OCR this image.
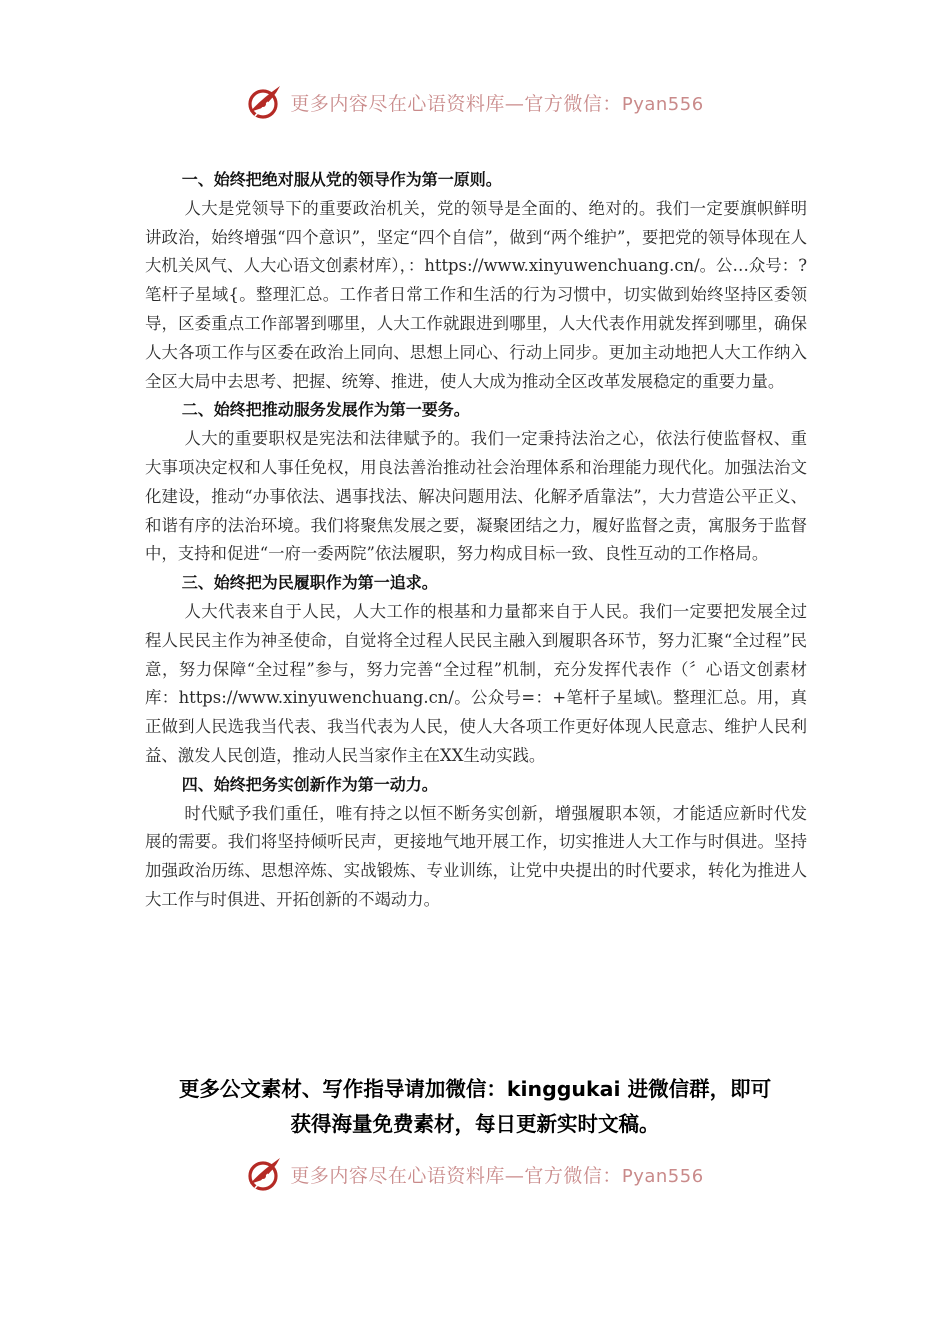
更多内容尽在心语资料库—官方微信：Pyan556

一、始终把绝对服从党的领导作为第一原则。

人大是党领导下的重要政治机关，党的领导是全面的、绝对的。我们一定要旗帜鲜明讲政治，始终增强“四个意识”，坚定“四个自信”，做到“两个维护”，要把党的领导体现在人大机关风气、人大心语文创素材库），：https://www.xinyuwenchuang.cn/。公…众号：?笔杆子星域{。整理汇总。工作者日常工作和生活的行为习惯中，切实做到始终坚持区委领导，区委重点工作部署到哪里，人大工作就跟进到哪里，人大代表作用就发挥到哪里，确保人大各项工作与区委在政治上同向、思想上同心、行动上同步。更加主动地把人大工作纳入全区大局中去思考、把握、统筹、推进，使人大成为推动全区改革发展稳定的重要力量。

二、始终把推动服务发展作为第一要务。

人大的重要职权是宪法和法律赋予的。我们一定秉持法治之心，依法行使监督权、重大事项决定权和人事任免权，用良法善治推动社会治理体系和治理能力现代化。加强法治文化建设，推动“办事依法、遇事找法、解决问题用法、化解矛盾靠法”，大力营造公平正义、和谐有序的法治环境。我们将聚焦发展之要，凝聚团结之力，履好监督之责，寓服务于监督中，支持和促进“一府一委两院”依法履职，努力构成目标一致、良性互动的工作格局。

三、始终把为民履职作为第一追求。

人大代表来自于人民，人大工作的根基和力量都来自于人民。我们一定要把发展全过程人民民主作为神圣使命，自觉将全过程人民民主融入到履职各环节，努力汇聚“全过程”民意，努力保障“全过程”参与，努力完善“全过程”机制，充分发挥代表作（〞心语文创素材库：https://www.xinyuwenchuang.cn/。公众号=：+笔杆子星域\。整理汇总。用，真正做到人民选我当代表、我当代表为人民，使人大各项工作更好体现人民意志、维护人民利益、激发人民创造，推动人民当家作主在XX生动实践。

四、始终把务实创新作为第一动力。

时代赋予我们重任，唯有持之以恒不断务实创新，增强履职本领，才能适应新时代发展的需要。我们将坚持倾听民声，更接地气地开展工作，切实推进人大工作与时俱进。坚持加强政治历练、思想淬炼、实战锻炼、专业训练，让党中央提出的时代要求，转化为推进人大工作与时俱进、开拓创新的不竭动力。

更多公文素材、写作指导请加微信：kinggukai 进微信群，即可
获得海量免费素材，每日更新实时文稿。
更多内容尽在心语资料库—官方微信：Pyan556
